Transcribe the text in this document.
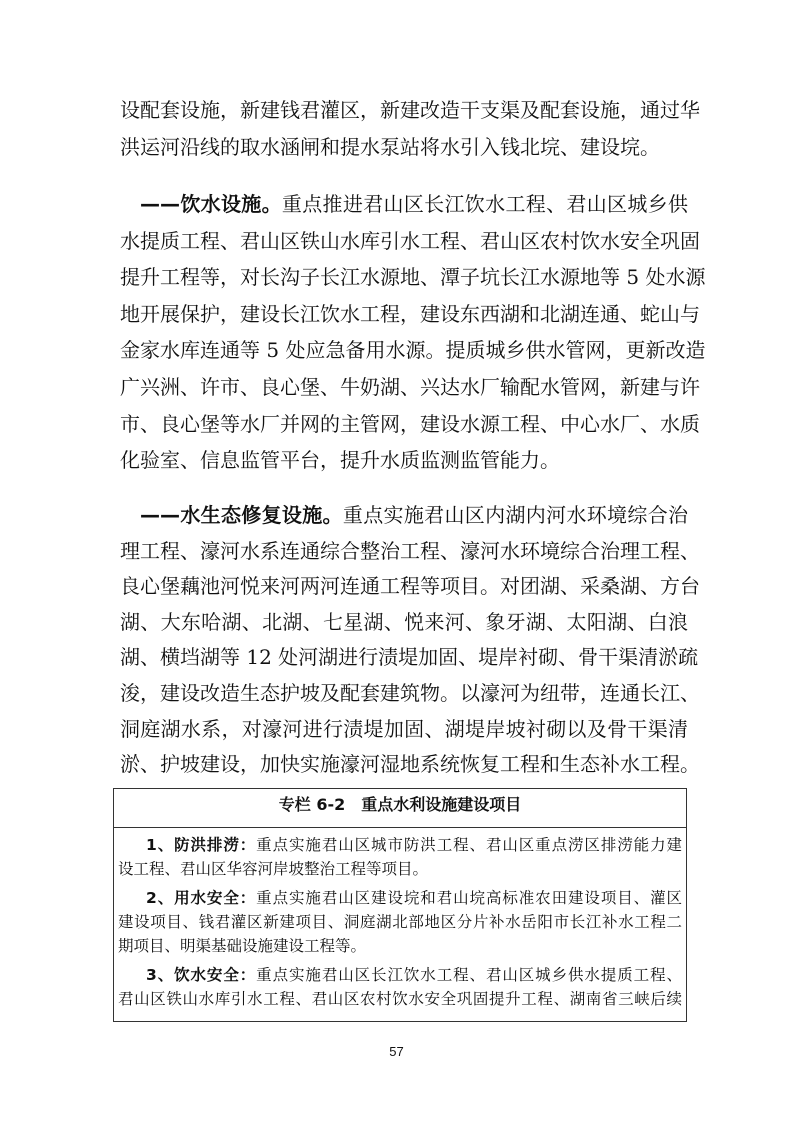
设配套设施，新建钱君灌区，新建改造干支渠及配套设施，通过华
洪运河沿线的取水涵闸和提水泵站将水引入钱北垸、建设垸。
——饮水设施。重点推进君山区长江饮水工程、君山区城乡供
水提质工程、君山区铁山水库引水工程、君山区农村饮水安全巩固
提升工程等，对长沟子长江水源地、潭子坑长江水源地等 5 处水源
地开展保护，建设长江饮水工程，建设东西湖和北湖连通、蛇山与
金家水库连通等 5 处应急备用水源。提质城乡供水管网，更新改造
广兴洲、许市、良心堡、牛奶湖、兴达水厂输配水管网，新建与许
市、良心堡等水厂并网的主管网，建设水源工程、中心水厂、水质
化验室、信息监管平台，提升水质监测监管能力。
——水生态修复设施。重点实施君山区内湖内河水环境综合治
理工程、濠河水系连通综合整治工程、濠河水环境综合治理工程、
良心堡藕池河悦来河两河连通工程等项目。对团湖、采桑湖、方台
湖、大东哈湖、北湖、七星湖、悦来河、象牙湖、太阳湖、白浪
湖、横垱湖等 12 处河湖进行渍堤加固、堤岸衬砌、骨干渠清淤疏
浚，建设改造生态护坡及配套建筑物。以濠河为纽带，连通长江、
洞庭湖水系，对濠河进行渍堤加固、湖堤岸坡衬砌以及骨干渠清
淤、护坡建设，加快实施濠河湿地系统恢复工程和生态补水工程。
专栏 6-2　重点水利设施建设项目
1、防洪排涝：重点实施君山区城市防洪工程、君山区重点涝区排涝能力建
设工程、君山区华容河岸坡整治工程等项目。
2、用水安全：重点实施君山区建设垸和君山垸高标准农田建设项目、灌区
建设项目、钱君灌区新建项目、洞庭湖北部地区分片补水岳阳市长江补水工程二
期项目、明渠基础设施建设工程等。
3、饮水安全：重点实施君山区长江饮水工程、君山区城乡供水提质工程、
君山区铁山水库引水工程、君山区农村饮水安全巩固提升工程、湖南省三峡后续
57
